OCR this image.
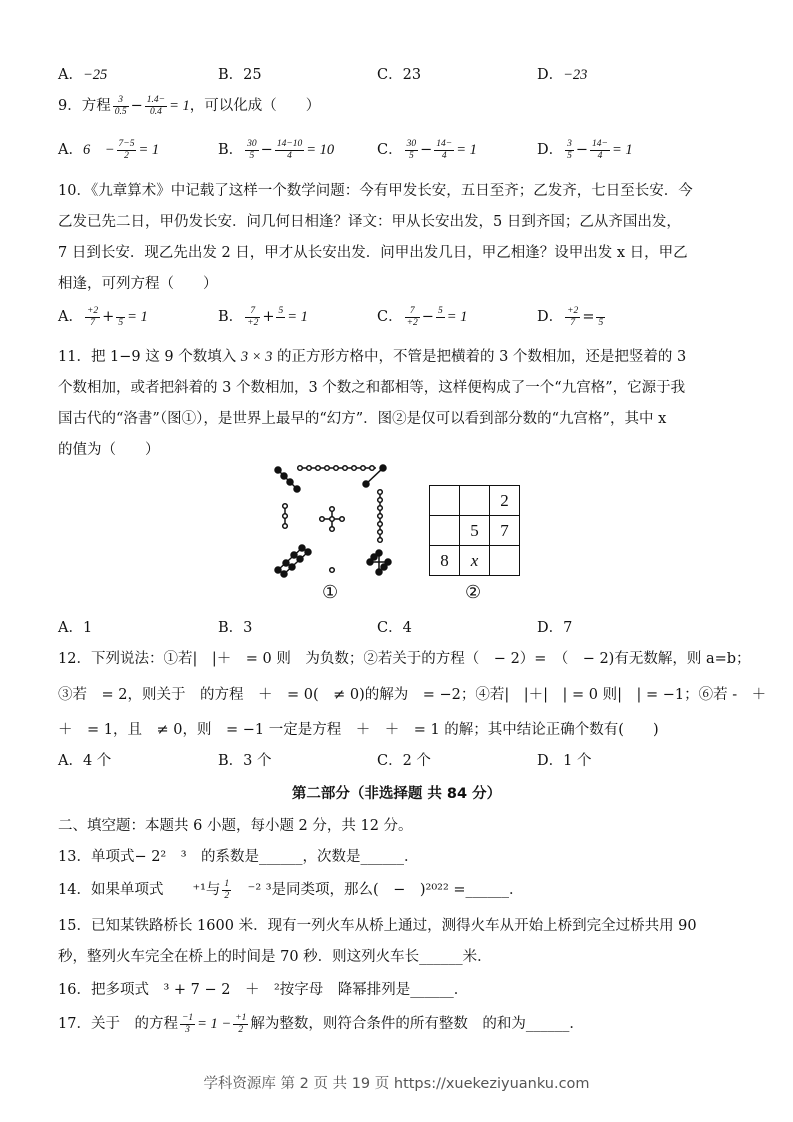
A．−25	B．25	C．23	D．−23
9．方程 $\frac{3}{0.5} - \frac{1.4-}{0.4} = 1$，可以化成（　　）
A．6　− $\frac{7-5}{2} = 1$	B． $\frac{30}{5} - \frac{14-10}{4} = 10$	C． $\frac{30}{5} - \frac{14-}{4} = 1$	D． $\frac{3}{5} - \frac{14-}{4} = 1$
10．《九章算术》中记载了这样一个数学问题：今有甲发长安，五日至齐；乙发齐，七日至长安．今
乙发已先二日，甲仍发长安．问几何日相逢？译文：甲从长安出发，5 日到齐国；乙从齐国出发，
7 日到长安．现乙先出发 2 日，甲才从长安出发．问甲出发几日，甲乙相逢？设甲出发 x 日，甲乙
相逢，可列方程（　　）
A． $\frac{+2}{7}$ +
5 = 1	B． $\frac{7}{+2} + 5$
= 1	C． $\frac{7}{+2} - 5$
= 1	D． $\frac{+2}{7}$ =
5
11．把 1−9 这 9 个数填入 3 × 3 的正方形方格中，不管是把横着的 3 个数相加，还是把竖着的 3
个数相加，或者把斜着的 3 个数相加，3 个数之和都相等，这样便构成了一个“九宫格”，它源于我
国古代的“洛書”（图①），是世界上最早的“幻方”．图②是仅可以看到部分数的“九宫格”，其中 x
的值为（　　）
①
		2
	5	7
8	x	
②
A．1	B．3	C．4	D．7
12．下列说法：①若|　|＋　= 0 则　为负数；②若关于的方程（　− 2）=　（　− 2)有无数解，则 a=b；
③若　= 2，则关于　的方程　＋　= 0(　≠ 0)的解为　= −2；④若|　|＋|　| = 0 则|　| = −1；⑥若 -　＋
＋　= 1，且　≠ 0，则　= −1 一定是方程　＋　＋　= 1 的解；其中结论正确个数有(　　)
A．4 个	B．3 个	C．2 个	D．1 个
第二部分（非选择题 共 84 分）
二、填空题：本题共 6 小题，每小题 2 分，共 12 分。
13．单项式− 2²　³　的系数是______，次数是______．
14．如果单项式　　⁺¹与 $\frac{1}{2}$ 　⁻² ³是同类项，那么(　−　)²⁰²² =______．
15．已知某铁路桥长 1600 米．现有一列火车从桥上通过，测得火车从开始上桥到完全过桥共用 90
秒，整列火车完全在桥上的时间是 70 秒．则这列火车长______米．
16．把多项式　³ + 7 − 2　＋　²按字母　降幂排列是______．
17．关于　的方程 $\frac{-1}{3} = 1 - \frac{+1}{2}$ 解为整数，则符合条件的所有整数　的和为______．
学科资源库 第 2 页 共 19 页 https://xuekeziyuanku.com
